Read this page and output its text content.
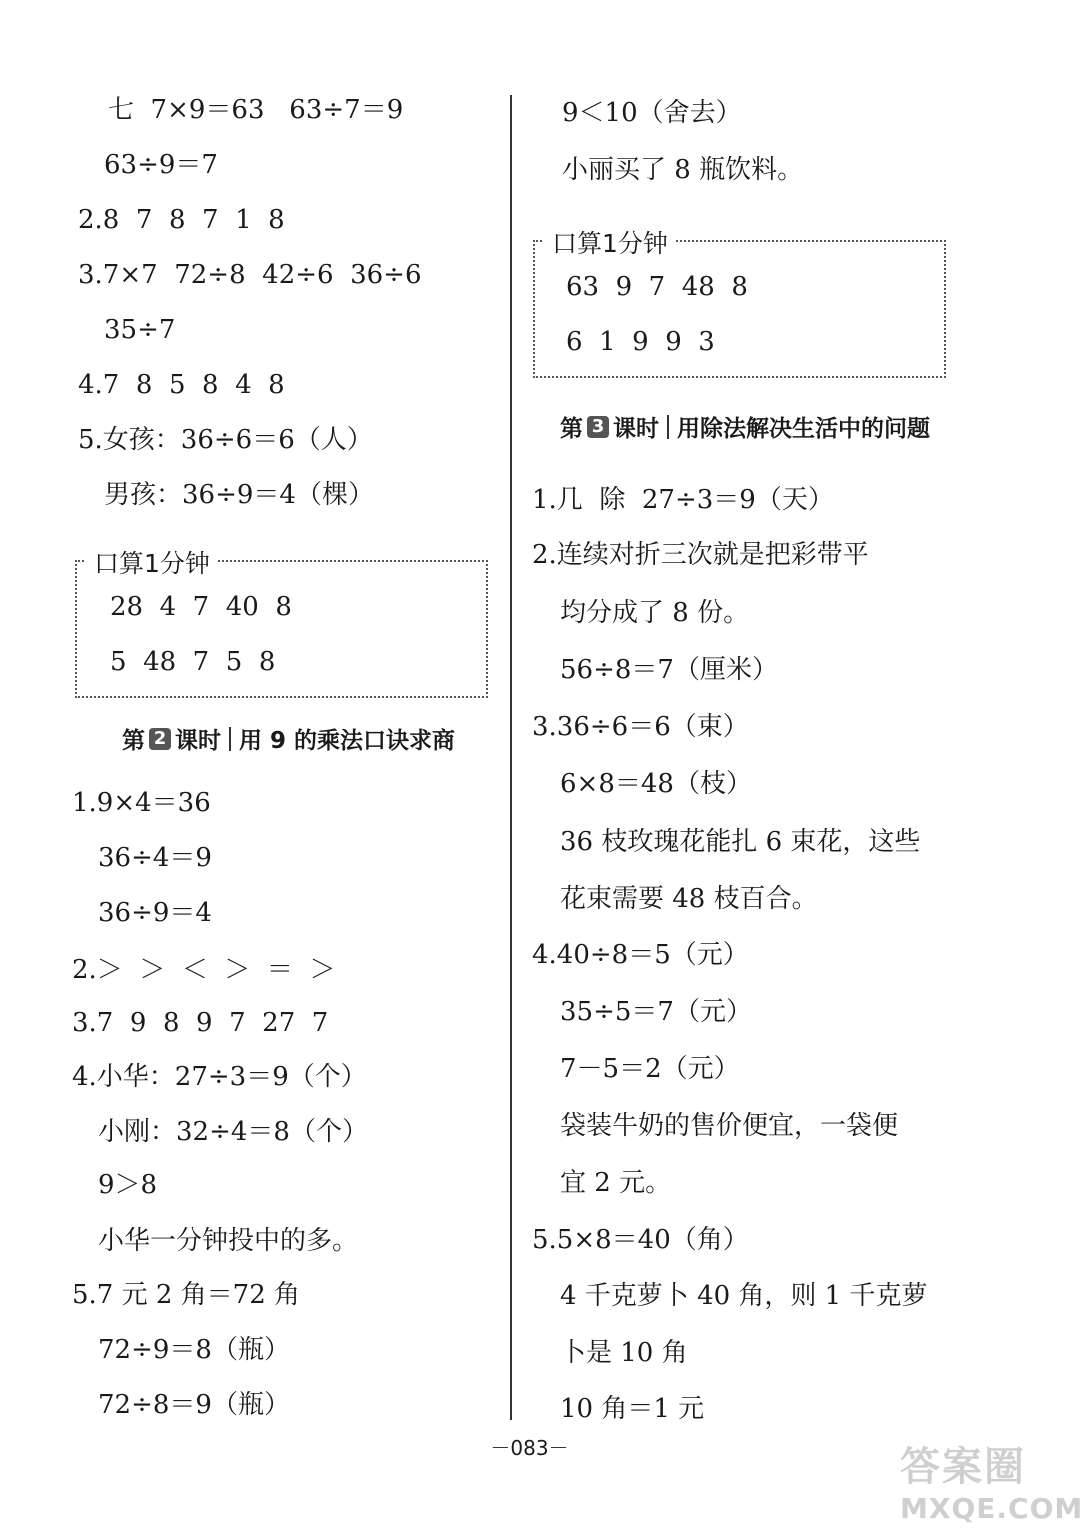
七  7×9＝63   63÷7＝9
63÷9＝7
2.8  7  8  7  1  8
3.7×7  72÷8  42÷6  36÷6
35÷7
4.7  8  5  8  4  8
5.女孩：36÷6＝6（人）
男孩：36÷9＝4（棵）
口算1分钟
28  4  7  40  8
5  48  7  5  8
第 2 课时 用 9 的乘法口诀求商
1.9×4＝36
36÷4＝9
36÷9＝4
2.＞  ＞  ＜  ＞  ＝  ＞
3.7  9  8  9  7  27  7
4.小华：27÷3＝9（个）
小刚：32÷4＝8（个）
9＞8
小华一分钟投中的多。
5.7 元 2 角＝72 角
72÷9＝8（瓶）
72÷8＝9（瓶）
9＜10（舍去）
小丽买了 8 瓶饮料。
口算1分钟
63  9  7  48  8
6  1  9  9  3
第 3 课时 用除法解决生活中的问题
1.几  除  27÷3＝9（天）
2.连续对折三次就是把彩带平
均分成了 8 份。
56÷8＝7（厘米）
3.36÷6＝6（束）
6×8＝48（枝）
36 枝玫瑰花能扎 6 束花，这些
花束需要 48 枝百合。
4.40÷8＝5（元）
35÷5＝7（元）
7－5＝2（元）
袋装牛奶的售价便宜，一袋便
宜 2 元。
5.5×8＝40（角）
4 千克萝卜 40 角，则 1 千克萝
卜是 10 角
10 角＝1 元
－083－	答案圈
MXQE.COM
